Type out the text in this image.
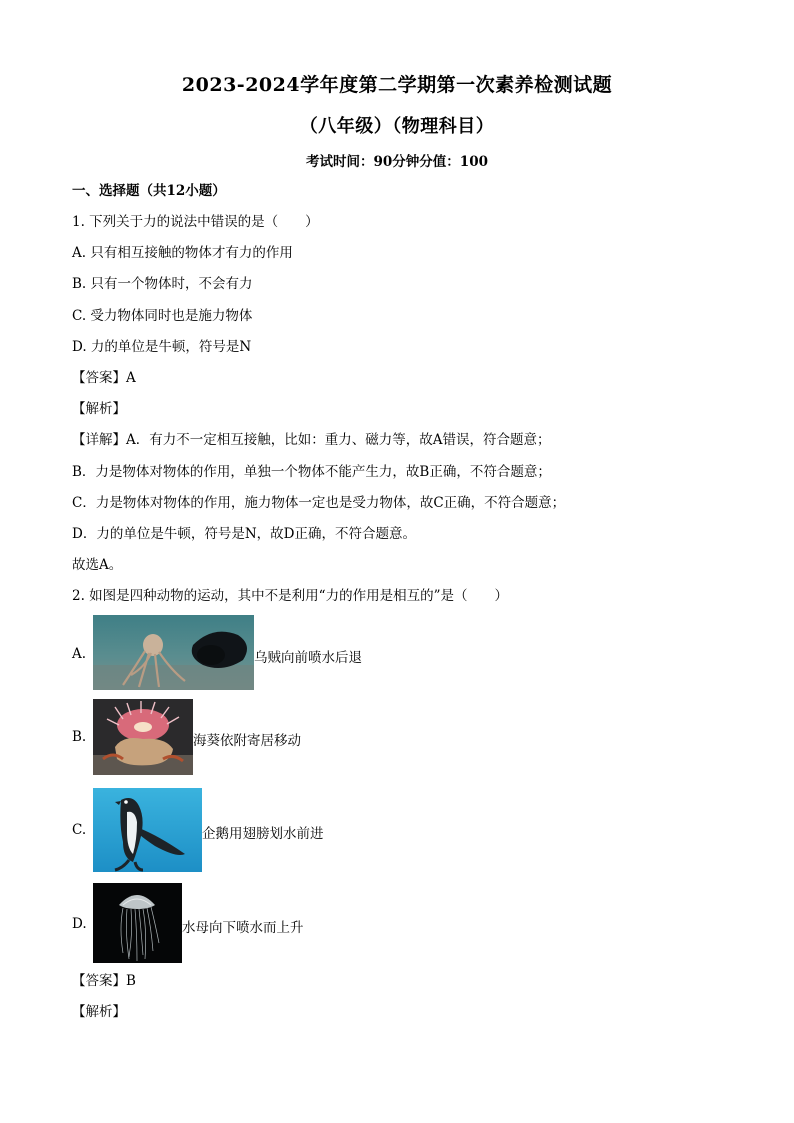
2023-2024学年度第二学期第一次素养检测试题
（八年级）（物理科目）
考试时间：90分钟分值：100
一、选择题（共12小题）
1. 下列关于力的说法中错误的是（　　）
A. 只有相互接触的物体才有力的作用
B. 只有一个物体时，不会有力
C. 受力物体同时也是施力物体
D. 力的单位是牛顿，符号是N
【答案】A
【解析】
【详解】A．有力不一定相互接触，比如：重力、磁力等，故A错误，符合题意；
B．力是物体对物体的作用，单独一个物体不能产生力，故B正确，不符合题意；
C．力是物体对物体的作用，施力物体一定也是受力物体，故C正确，不符合题意；
D．力的单位是牛顿，符号是N，故D正确，不符合题意。
故选A。
2. 如图是四种动物的运动，其中不是利用“力的作用是相互的”是（　　）
A.	乌贼向前喷水后退
B.	海葵依附寄居移动
C.	企鹅用翅膀划水前进
D.	水母向下喷水而上升
【答案】B
【解析】
